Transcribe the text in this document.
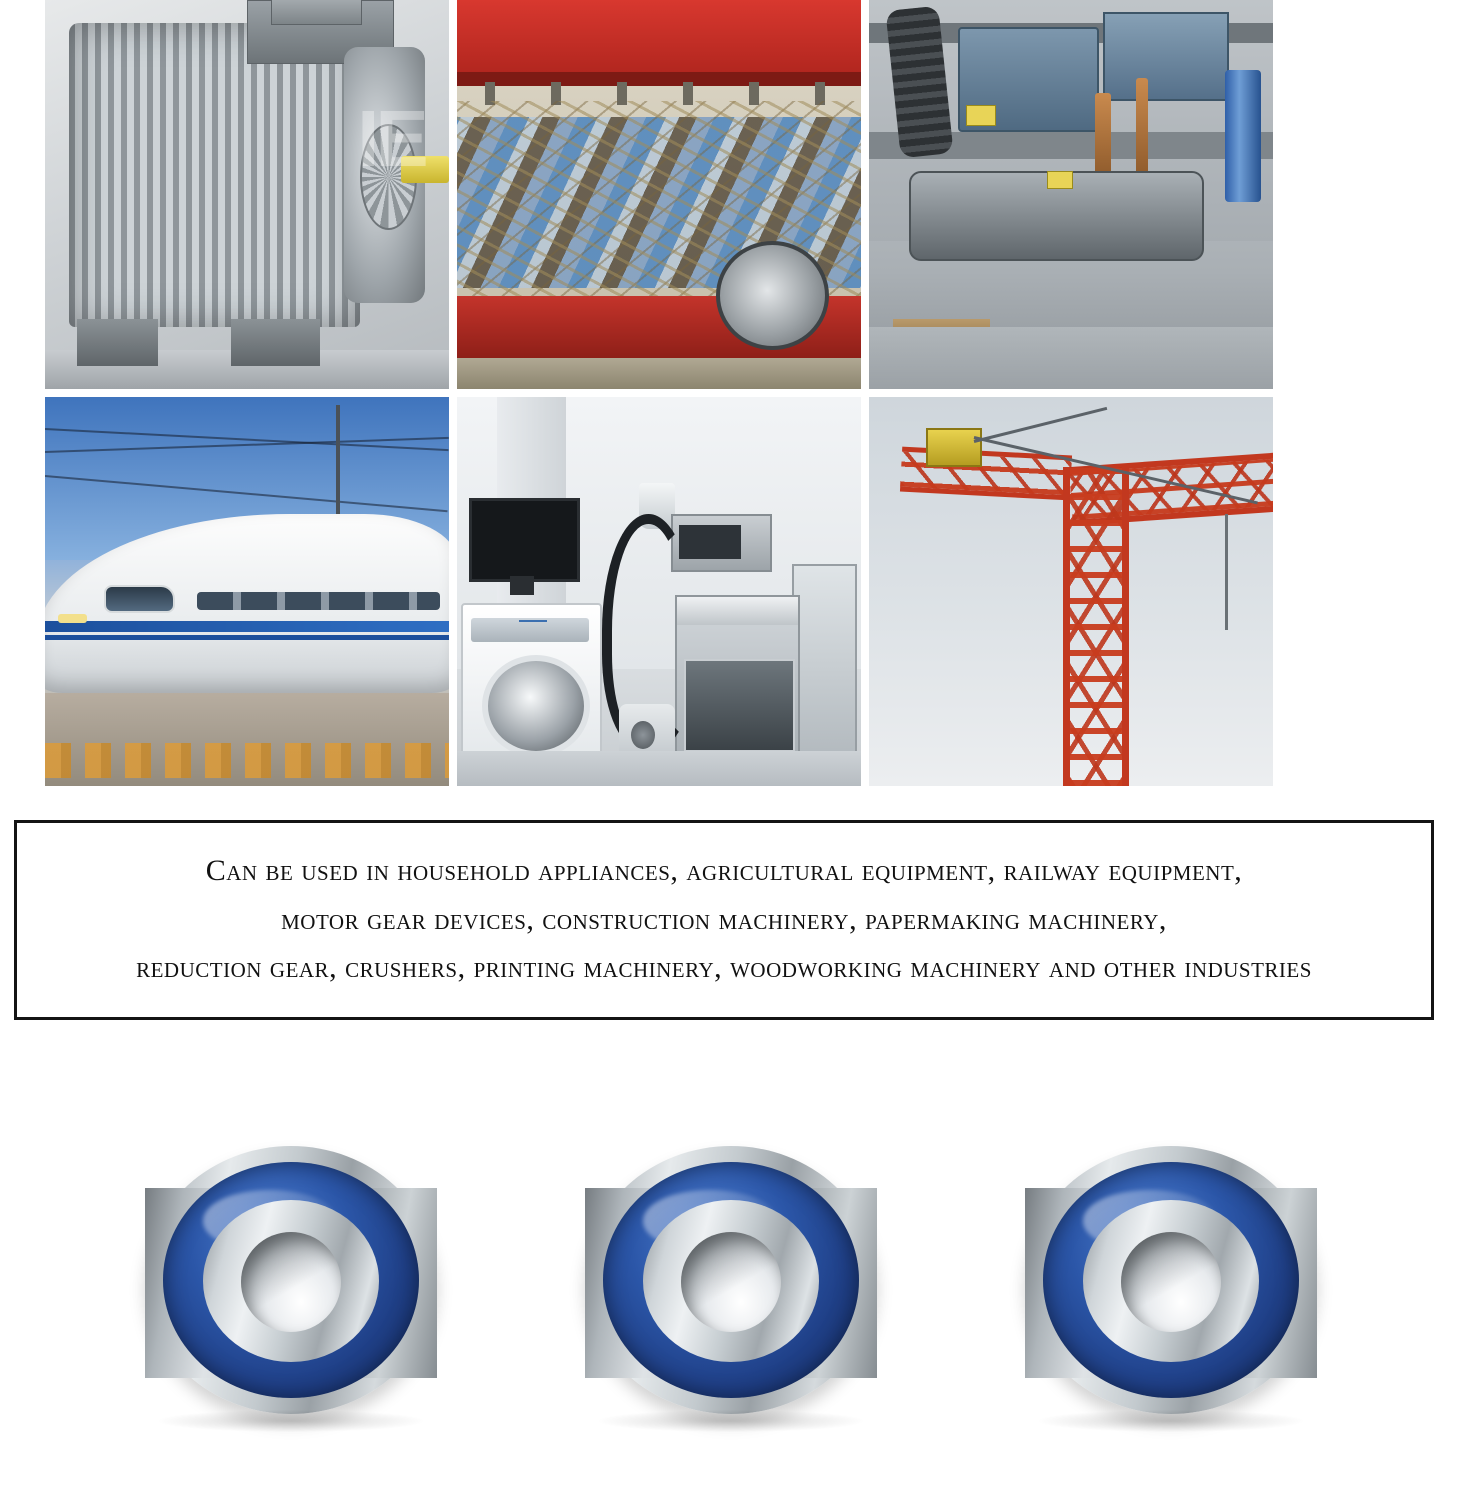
IE
Can be used in household appliances, agricultural equipment, railway equipment,
motor gear devices, construction machinery, papermaking machinery,
reduction gear, crushers, printing machinery, woodworking machinery and other industries
